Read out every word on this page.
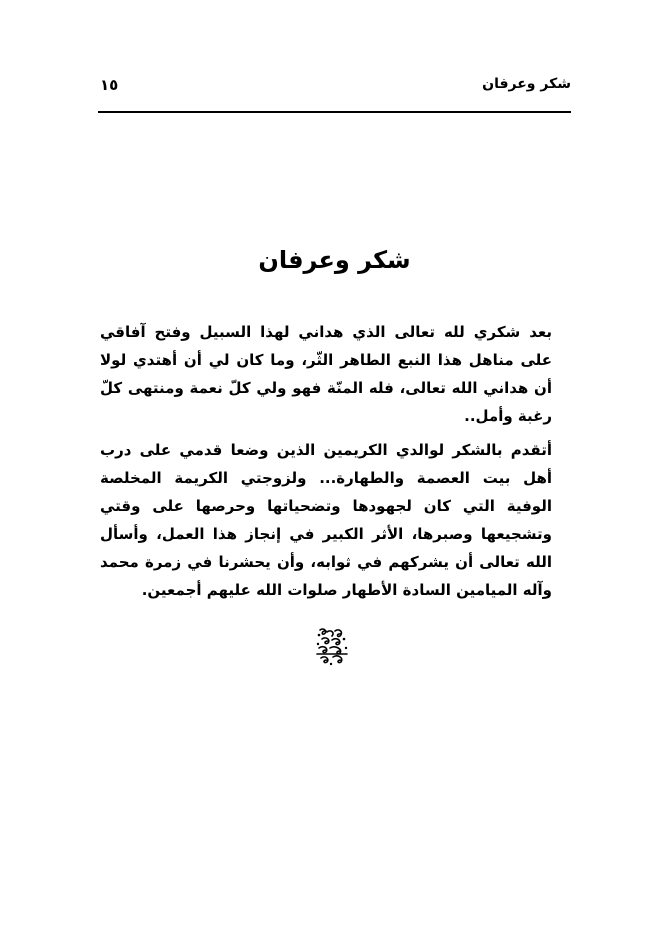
شكر وعرفان
١٥
شكر وعرفان

بعد شكري لله تعالى الذي هداني لهذا السبيل وفتح آفاقي على مناهل هذا النبع الطاهر الثّر، وما كان لي أن أهتدي لولا أن هداني الله تعالى، فله المنّة فهو ولي كلّ نعمة ومنتهى كلّ رغبة وأمل..

أتقدم بالشكر لوالدي الكريمين الذين وضعا قدمي على درب أهل بيت العصمة والطهارة... ولزوجتي الكريمة المخلصة الوفية التي كان لجهودها وتضحياتها وحرصها على وقتي وتشجيعها وصبرها، الأثر الكبير في إنجاز هذا العمل، وأسأل الله تعالى أن يشركهم في ثوابه، وأن يحشرنا في زمرة محمد وآله الميامين السادة الأطهار صلوات الله عليهم أجمعين.
